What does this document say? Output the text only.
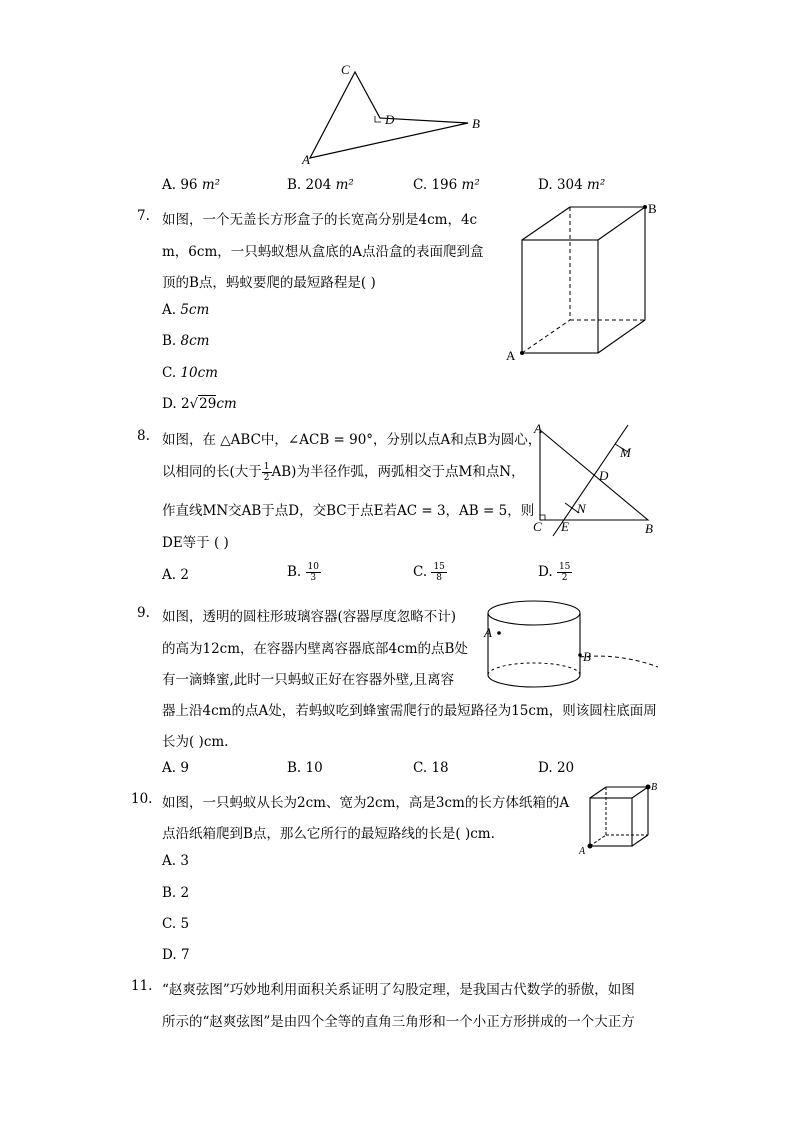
C
D	B
A
A. 96 m²	B. 204 m²	C. 196 m²	D. 304 m²
7. 如图，一个无盖长方形盒子的长宽高分别是4cm，4c
m，6cm，一只蚂蚁想从盒底的A点沿盒的表面爬到盒
顶的B点，蚂蚁要爬的最短路程是( )
A. 5cm
B. 8cm
C. 10cm
D. 2√29cm
A
B
8. 如图，在 △ABC中，∠ACB = 90°，分别以点A和点B为圆心，
以相同的长(大于 $\frac{1}{2} AB$)为半径作弧，两弧相交于点M和点N，
作直线MN交AB于点D，交BC于点E若AC = 3，AB = 5，则
DE等于 ( )
A
M
D
N
C E	B
A. 2	B. $\frac{10}{3}$	C. $\frac{15}{8}$	D. $\frac{15}{2}$
9. 如图，透明的圆柱形玻璃容器(容器厚度忽略不计)
的高为12cm，在容器内壁离容器底部4cm的点B处
有一滴蜂蜜,此时一只蚂蚁正好在容器外壁,且离容
器上沿4cm的点A处，若蚂蚁吃到蜂蜜需爬行的最短路径为15cm，则该圆柱底面周
长为( )cm.
A
B
A. 9	B. 10	C. 18	D. 20
10. 如图，一只蚂蚁从长为2cm、宽为2cm，高是3cm的长方体纸箱的A
点沿纸箱爬到B点，那么它所行的最短路线的长是( )cm.
A. 3
B. 2
C. 5
D. 7
A
B
11. “赵爽弦图”巧妙地利用面积关系证明了勾股定理，是我国古代数学的骄傲，如图
所示的“赵爽弦图”是由四个全等的直角三角形和一个小正方形拼成的一个大正方
